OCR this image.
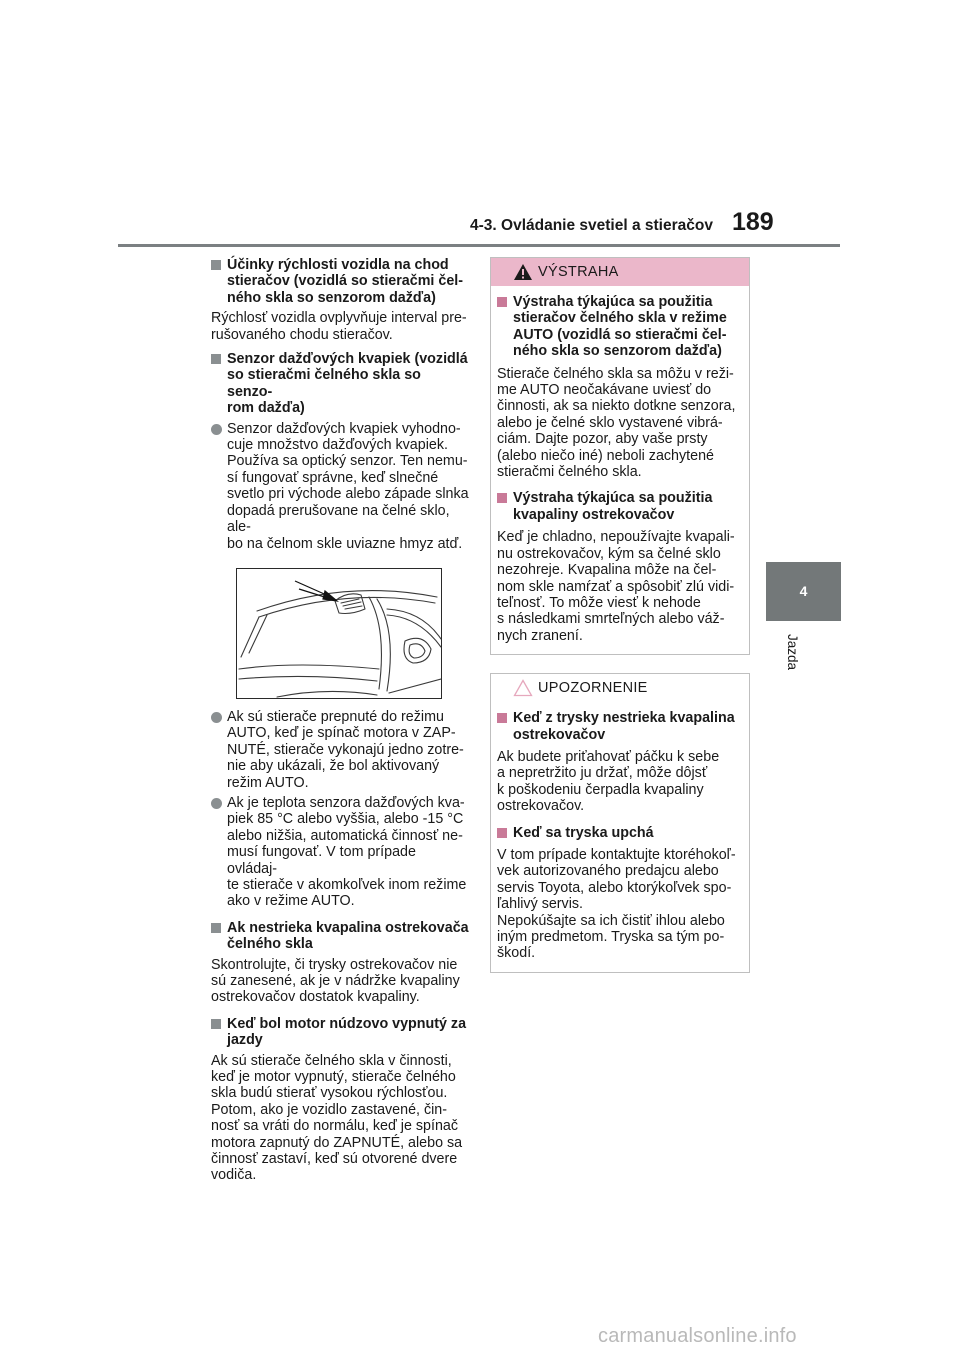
4-3. Ovládanie svetiel a stieračov 189
4
Jazda
Účinky rýchlosti vozidla na chod
stieračov (vozidlá so stieračmi čel-
ného skla so senzorom dažďa)
Rýchlosť vozidla ovplyvňuje interval pre-
rušovaného chodu stieračov.
Senzor dažďových kvapiek (vozidlá
so stieračmi čelného skla so senzo-
rom dažďa)
Senzor dažďových kvapiek vyhodno-
cuje množstvo dažďových kvapiek.
Používa sa optický senzor. Ten nemu-
sí fungovať správne, keď slnečné
svetlo pri východe alebo západe slnka
dopadá prerušovane na čelné sklo, ale-
bo na čelnom skle uviazne hmyz atď.
Ak sú stierače prepnuté do režimu
AUTO, keď je spínač motora v ZAP-
NUTÉ, stierače vykonajú jedno zotre-
nie aby ukázali, že bol aktivovaný
režim AUTO.
Ak je teplota senzora dažďových kva-
piek 85 °C alebo vyššia, alebo -15 °C
alebo nižšia, automatická činnosť ne-
musí fungovať. V tom prípade ovládaj-
te stierače v akomkoľvek inom režime
ako v režime AUTO.
Ak nestrieka kvapalina ostrekovača
čelného skla
Skontrolujte, či trysky ostrekovačov nie
sú zanesené, ak je v nádržke kvapaliny
ostrekovačov dostatok kvapaliny.
Keď bol motor núdzovo vypnutý za
jazdy
Ak sú stierače čelného skla v činnosti,
keď je motor vypnutý, stierače čelného
skla budú stierať vysokou rýchlosťou.
Potom, ako je vozidlo zastavené, čin-
nosť sa vráti do normálu, keď je spínač
motora zapnutý do ZAPNUTÉ, alebo sa
činnosť zastaví, keď sú otvorené dvere
vodiča.
VÝSTRAHA
Výstraha týkajúca sa použitia
stieračov čelného skla v režime
AUTO (vozidlá so stieračmi čel-
ného skla so senzorom dažďa)
Stierače čelného skla sa môžu v reži-
me AUTO neočakávane uviesť do
činnosti, ak sa niekto dotkne senzora,
alebo je čelné sklo vystavené vibrá-
ciám. Dajte pozor, aby vaše prsty
(alebo niečo iné) neboli zachytené
stieračmi čelného skla.
Výstraha týkajúca sa použitia
kvapaliny ostrekovačov
Keď je chladno, nepoužívajte kvapali-
nu ostrekovačov, kým sa čelné sklo
nezohreje. Kvapalina môže na čel-
nom skle namŕzať a spôsobiť zlú vidi-
teľnosť. To môže viesť k nehode
s následkami smrteľných alebo váž-
nych zranení.
UPOZORNENIE
Keď z trysky nestrieka kvapalina
ostrekovačov
Ak budete priťahovať páčku k sebe
a nepretržito ju držať, môže dôjsť
k poškodeniu čerpadla kvapaliny
ostrekovačov.
Keď sa tryska upchá
V tom prípade kontaktujte ktoréhokoľ-
vek autorizovaného predajcu alebo
servis Toyota, alebo ktorýkoľvek spo-
ľahlivý servis.
Nepokúšajte sa ich čistiť ihlou alebo
iným predmetom. Tryska sa tým po-
škodí.
carmanualsonline.info
